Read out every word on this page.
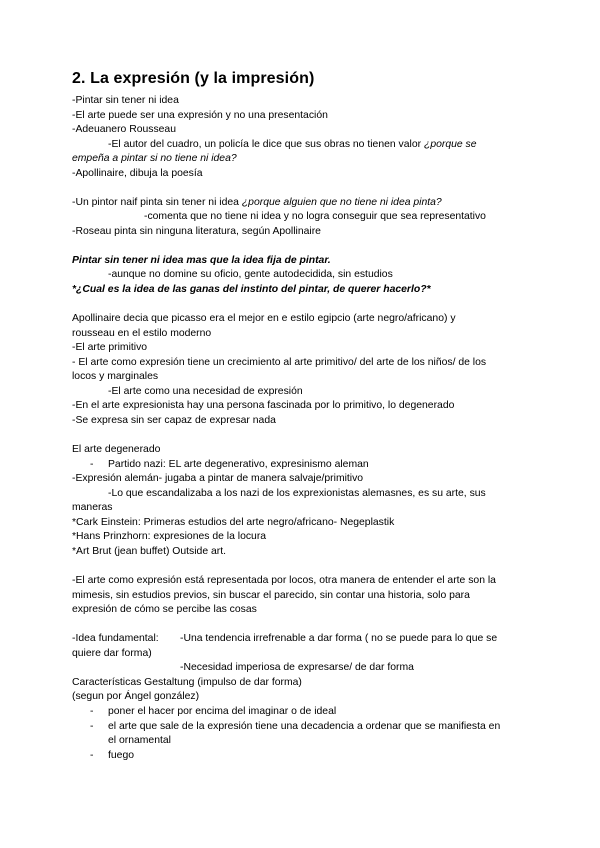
2. La expresión (y la impresión)
-Pintar sin tener ni idea
-El arte puede ser una expresión y no una presentación
-Adeuanero Rousseau
-El autor del cuadro, un policía le dice que sus obras no tienen valor ¿porque se
empeña a pintar si no tiene ni idea?
-Apollinaire, dibuja la poesía
-Un pintor naif pinta sin tener ni idea ¿porque alguien que no tiene ni idea pinta?
-comenta que no tiene ni idea y no logra conseguir que sea representativo
-Roseau pinta sin ninguna literatura, según Apollinaire
Pintar sin tener ni idea mas que la idea fija de pintar.
-aunque no domine su oficio, gente autodecidida, sin estudios
*¿Cual es la idea de las ganas del instinto del pintar, de querer hacerlo?*
Apollinaire decia que picasso era el mejor en e estilo egipcio (arte negro/africano) y
rousseau en el estilo moderno
-El arte primitivo
- El arte como expresión tiene un crecimiento al arte primitivo/ del arte de los niños/ de los
locos y marginales
-El arte como una necesidad de expresión
-En el arte expresionista hay una persona fascinada por lo primitivo, lo degenerado
-Se expresa sin ser capaz de expresar nada
El arte degenerado
- Partido nazi: EL arte degenerativo, expresinismo aleman
-Expresión alemán- jugaba a pintar de manera salvaje/primitivo
-Lo que escandalizaba a los nazi de los exprexionistas alemasnes, es su arte, sus
maneras
*Cark Einstein: Primeras estudios del arte negro/africano- Negeplastik
*Hans Prinzhorn: expresiones de la locura
*Art Brut (jean buffet) Outside art.
-El arte como expresión está representada por locos, otra manera de entender el arte son la
mimesis, sin estudios previos, sin buscar el parecido, sin contar una historia, solo para
expresión de cómo se percibe las cosas
-Idea fundamental: -Una tendencia irrefrenable a dar forma ( no se puede para lo que se
quiere dar forma)
-Necesidad imperiosa de expresarse/ de dar forma
Características Gestaltung (impulso de dar forma)
(segun por Ángel gonzález)
- poner el hacer por encima del imaginar o de ideal
- el arte que sale de la expresión tiene una decadencia a ordenar que se manifiesta en
el ornamental
- fuego
